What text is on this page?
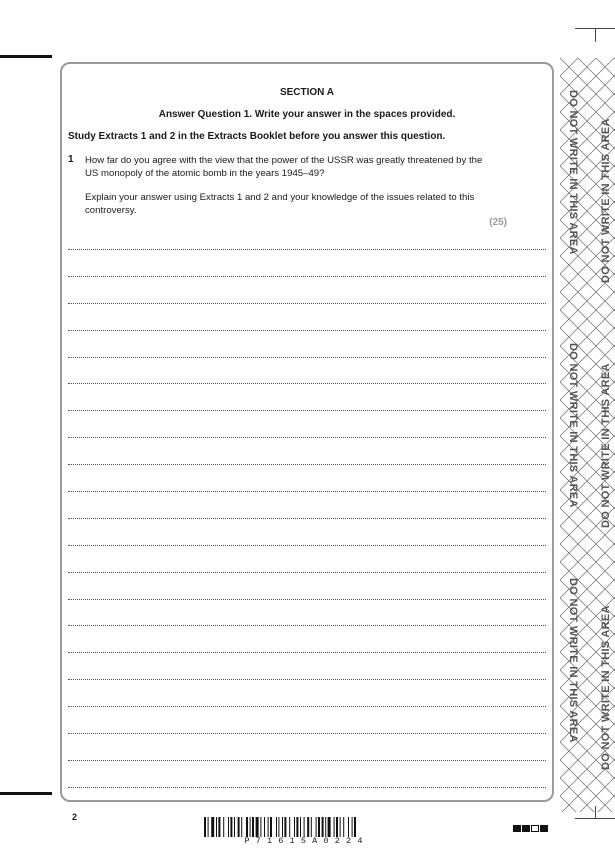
DO NOT WRITE IN THIS AREA
DO NOT WRITE IN THIS AREA
DO NOT WRITE IN THIS AREA
DO NOT WRITE IN THIS AREA
DO NOT WRITE IN THIS AREA
DO NOT WRITE IN THIS AREA
SECTION A
Answer Question 1. Write your answer in the spaces provided.
Study Extracts 1 and 2 in the Extracts Booklet before you answer this question.
1 How far do you agree with the view that the power of the USSR was greatly threatened by the US monopoly of the atomic bomb in the years 1945–49?
Explain your answer using Extracts 1 and 2 and your knowledge of the issues related to this controversy.
(25)
2
P71615A0224
